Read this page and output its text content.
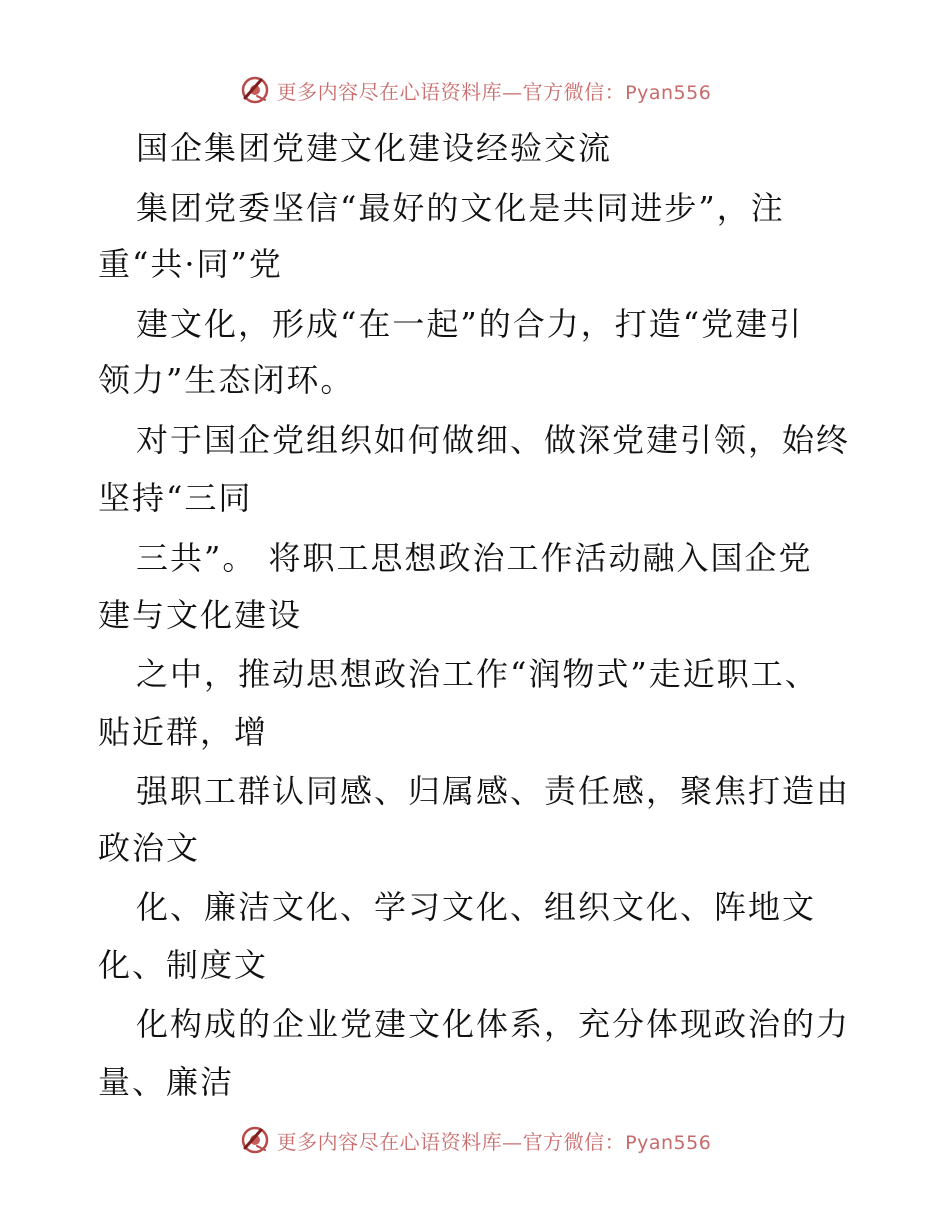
更多内容尽在心语资料库—官方微信：Pyan556
国企集团党建文化建设经验交流
集团党委坚信“最好的文化是共同进步”，注
重“共·同”党
建文化，形成“在一起”的合力，打造“党建引
领力”生态闭环。
对于国企党组织如何做细、做深党建引领，始终
坚持“三同
三共”。 将职工思想政治工作活动融入国企党
建与文化建设
之中，推动思想政治工作“润物式”走近职工、
贴近群，增
强职工群认同感、归属感、责任感，聚焦打造由
政治文
化、廉洁文化、学习文化、组织文化、阵地文
化、制度文
化构成的企业党建文化体系，充分体现政治的力
量、廉洁
更多内容尽在心语资料库—官方微信：Pyan556
